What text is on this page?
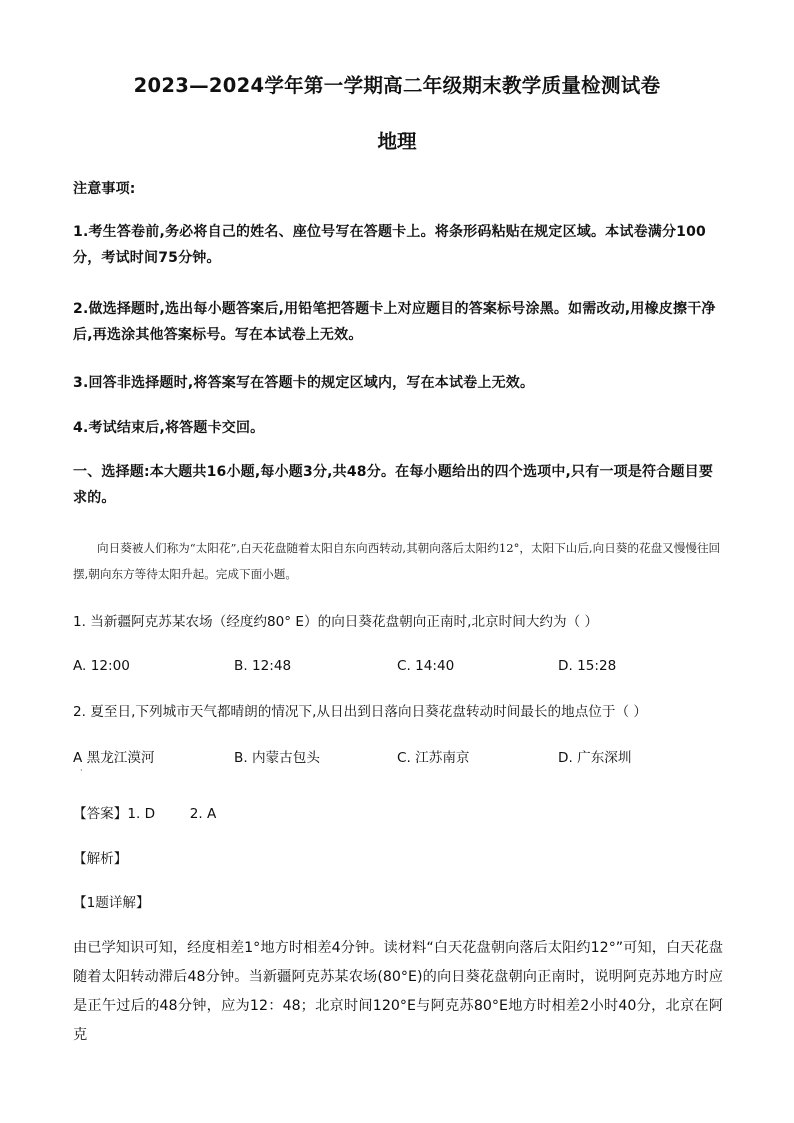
2023—2024学年第一学期高二年级期末教学质量检测试卷
地理
注意事项:
1.考生答卷前,务必将自己的姓名、座位号写在答题卡上。将条形码粘贴在规定区域。本试卷满分100分，考试时间75分钟。
2.做选择题时,选出每小题答案后,用铅笔把答题卡上对应题目的答案标号涂黑。如需改动,用橡皮擦干净后,再选涂其他答案标号。写在本试卷上无效。
3.回答非选择题时,将答案写在答题卡的规定区域内，写在本试卷上无效。
4.考试结束后,将答题卡交回。
一、选择题:本大题共16小题,每小题3分,共48分。在每小题给出的四个选项中,只有一项是符合题目要求的。
向日葵被人们称为“太阳花”,白天花盘随着太阳自东向西转动,其朝向落后太阳约12°，太阳下山后,向日葵的花盘又慢慢往回摆,朝向东方等待太阳升起。完成下面小题。
1. 当新疆阿克苏某农场（经度约80° E）的向日葵花盘朝向正南时,北京时间大约为（ ）
A. 12:00	B. 12:48	C. 14:40	D. 15:28
2. 夏至日,下列城市天气都晴朗的情况下,从日出到日落向日葵花盘转动时间最长的地点位于（ ）
A 黑龙江漠河	B. 内蒙古包头	C. 江苏南京	D. 广东深圳
·
【答案】1. D        2. A
【解析】
【1题详解】
由已学知识可知，经度相差1°地方时相差4分钟。读材料“白天花盘朝向落后太阳约12°”可知，白天花盘随着太阳转动滞后48分钟。当新疆阿克苏某农场(80°E)的向日葵花盘朝向正南时，说明阿克苏地方时应是正午过后的48分钟，应为12：48；北京时间120°E与阿克苏80°E地方时相差2小时40分，北京在阿克
